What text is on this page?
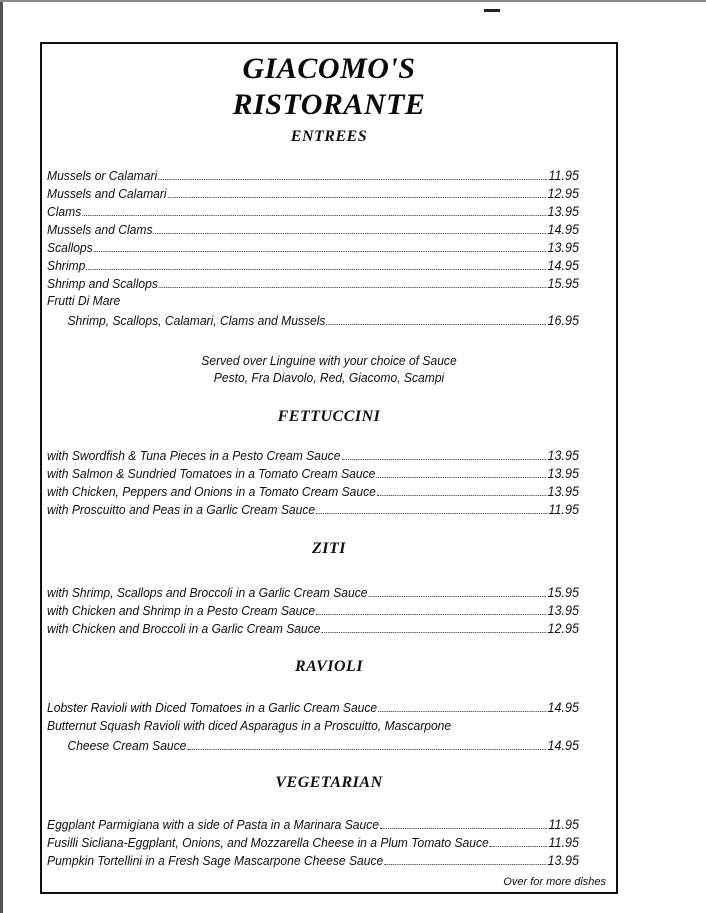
GIACOMO'S
RISTORANTE
ENTREES
Mussels or Calamari	11.95
Mussels and Calamari	12.95
Clams	13.95
Mussels and Clams	14.95
Scallops	13.95
Shrimp	14.95
Shrimp and Scallops	15.95
Frutti Di Mare
Shrimp, Scallops, Calamari, Clams and Mussels	16.95
Served over Linguine with your choice of Sauce
Pesto, Fra Diavolo, Red, Giacomo, Scampi
FETTUCCINI
with Swordfish & Tuna Pieces in a Pesto Cream Sauce	13.95
with Salmon & Sundried Tomatoes in a Tomato Cream Sauce	13.95
with Chicken, Peppers and Onions in a Tomato Cream Sauce	13.95
with Proscuitto and Peas in a Garlic Cream Sauce	11.95
ZITI
with Shrimp, Scallops and Broccoli in a Garlic Cream Sauce	15.95
with Chicken and Shrimp in a Pesto Cream Sauce	13.95
with Chicken and Broccoli in a Garlic Cream Sauce	12.95
RAVIOLI
Lobster Ravioli with Diced Tomatoes in a Garlic Cream Sauce	14.95
Butternut Squash Ravioli with diced Asparagus in a Proscuitto, Mascarpone
Cheese Cream Sauce	14.95
VEGETARIAN
Eggplant Parmigiana with a side of Pasta in a Marinara Sauce	11.95
Fusilli Sicliana-Eggplant, Onions, and Mozzarella Cheese in a Plum Tomato Sauce	11.95
Pumpkin Tortellini in a Fresh Sage Mascarpone Cheese Sauce	13.95
Over for more dishes
